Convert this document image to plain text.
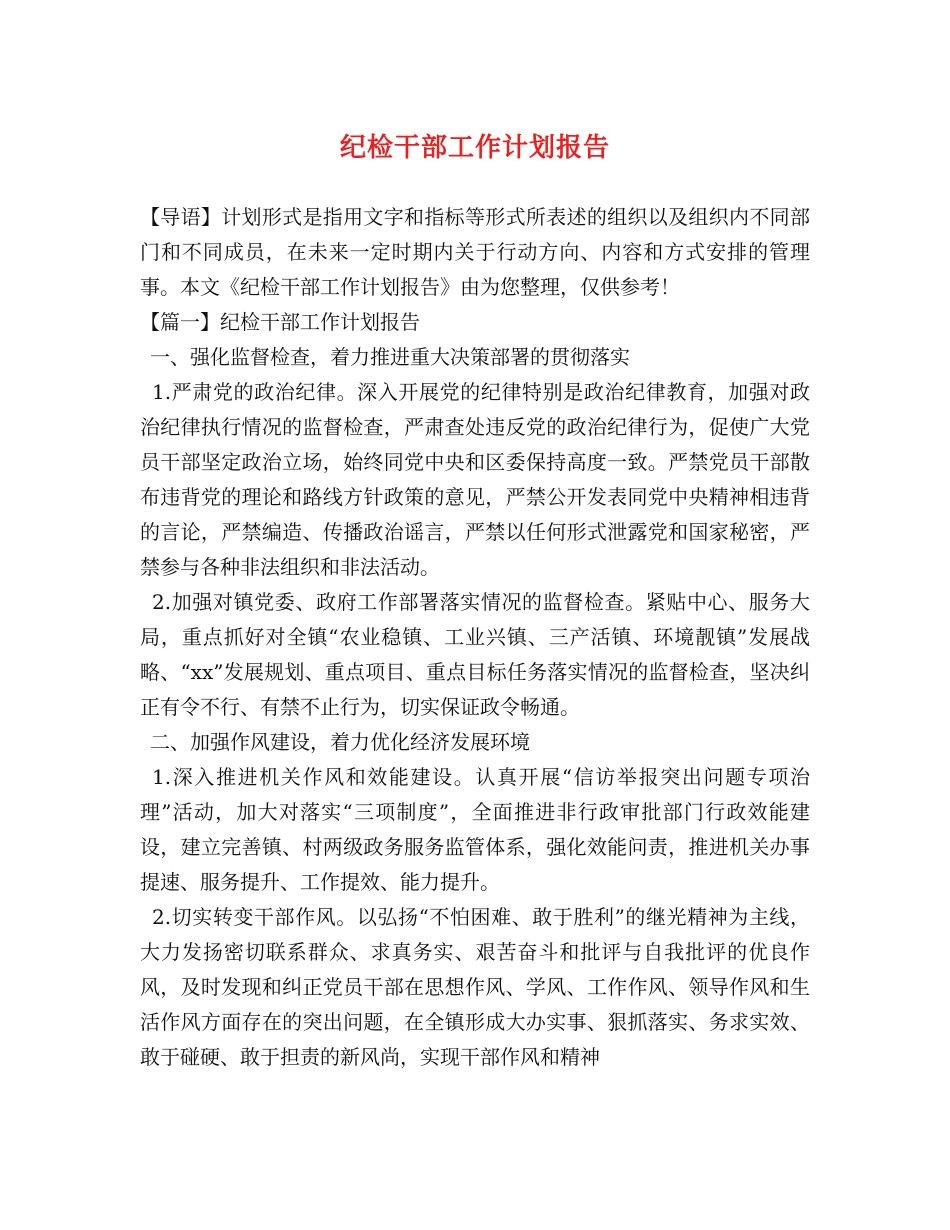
纪检干部工作计划报告

【导语】计划形式是指用文字和指标等形式所表述的组织以及组织内不同部门和不同成员，在未来一定时期内关于行动方向、内容和方式安排的管理事。本文《纪检干部工作计划报告》由为您整理，仅供参考！

【篇一】纪检干部工作计划报告

一、强化监督检查，着力推进重大决策部署的贯彻落实

1.严肃党的政治纪律。深入开展党的纪律特别是政治纪律教育，加强对政治纪律执行情况的监督检查，严肃查处违反党的政治纪律行为，促使广大党员干部坚定政治立场，始终同党中央和区委保持高度一致。严禁党员干部散布违背党的理论和路线方针政策的意见，严禁公开发表同党中央精神相违背的言论，严禁编造、传播政治谣言，严禁以任何形式泄露党和国家秘密，严禁参与各种非法组织和非法活动。

2.加强对镇党委、政府工作部署落实情况的监督检查。紧贴中心、服务大局，重点抓好对全镇“农业稳镇、工业兴镇、三产活镇、环境靓镇”发展战略、“xx”发展规划、重点项目、重点目标任务落实情况的监督检查，坚决纠正有令不行、有禁不止行为，切实保证政令畅通。

二、加强作风建设，着力优化经济发展环境

1.深入推进机关作风和效能建设。认真开展“信访举报突出问题专项治理”活动，加大对落实“三项制度”，全面推进非行政审批部门行政效能建设，建立完善镇、村两级政务服务监管体系，强化效能问责，推进机关办事提速、服务提升、工作提效、能力提升。

2.切实转变干部作风。以弘扬“不怕困难、敢于胜利”的继光精神为主线，大力发扬密切联系群众、求真务实、艰苦奋斗和批评与自我批评的优良作风，及时发现和纠正党员干部在思想作风、学风、工作作风、领导作风和生活作风方面存在的突出问题，在全镇形成大办实事、狠抓落实、务求实效、敢于碰硬、敢于担责的新风尚，实现干部作风和精神
